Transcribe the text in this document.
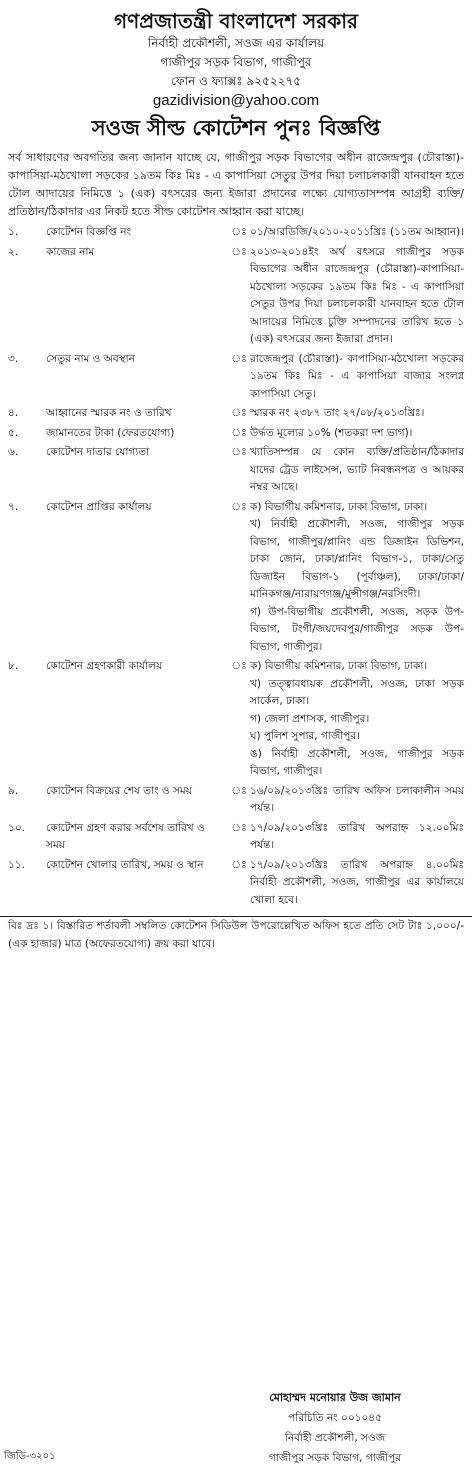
গণপ্রজাতন্ত্রী বাংলাদেশ সরকার
নির্বাহী প্রকৌশলী, সওজ এর কার্যালয়
গাজীপুর সড়ক বিভাগ, গাজীপুর
ফোন ও ফ্যাক্সঃ ৯২৫২২৭৫
gazidivision@yahoo.com
সওজ সীল্ড কোটেশন পুনঃ বিজ্ঞপ্তি
সর্ব সাধারণের অবগতির জন্য জানান যাচ্ছে যে, গাজীপুর সড়ক বিভাগের অধীন রাজেন্দ্রপুর (চৌরাস্তা)-কাপাসিয়া-মঠখোলা সড়কের ১৯তম কিঃ মিঃ - এ কাপাসিয়া সেতুর উপর দিয়া চলাচলকারী যানবাহন হতে টোল আদায়ের নিমিত্তে ১ (এক) বৎসরের জন্য ইজারা প্রদানের লক্ষ্যে যোগ্যতাসম্পন্ন আগ্রহী ব্যক্তি/প্রতিষ্ঠান/ঠিকাদার এর নিকট হতে সীল্ড কোটেশন আহ্বান করা যাচ্ছে।
১.	কোটেশন বিজ্ঞপ্তি নং	ঃ	০১/আরডিজি/২০১০-২০১১খ্রিঃ (১১তম আহ্বান)।

২.	কাজের নাম	ঃ	২০১৩-২০১৪ইং অর্থ বৎসরে গাজীপুর সড়ক বিভাগের অধীন রাজেন্দ্রপুর (চৌরাস্তা)-কাপাসিয়া-মঠখোলা সড়কের ১৯তম কিঃ মিঃ - এ কাপাসিয়া সেতুর উপর দিয়া চলাচলকারী যানবাহন হতে টোল আদায়ের নিমিত্তে চুক্তি সম্পাদনের তারিখ হতে ১ (এক) বৎসরের জন্য ইজারা প্রদান।

৩.	সেতুর নাম ও অবস্থান	ঃ	রাজেন্দ্রপুর (চৌরাস্তা)- কাপাসিয়া-মঠখোলা সড়কের ১৯তম কিঃ মিঃ - এ কাপাসিয়া বাজার সংলগ্ন কাপাসিয়া সেতু।

৪.	আহ্বানের স্মারক নং ও তারিখ	ঃ	স্মারক নং ২৩৮৭ তাং ২৭/০৮/২০১৩খ্রিঃ।

৫.	জামানতের টাকা (ফেরতযোগ্য)	ঃ	উর্দ্ধত মূল্যের ১০% (শতকরা দশ ভাগ)।

৬.	কোটেশন দাতার যোগ্যতা	ঃ	খ্যাতিসম্পন্ন যে কোন ব্যক্তি/প্রতিষ্ঠান/ঠিকাদার যাদের ট্রেড লাইসেন্স, ভ্যাট নিবন্ধনপত্র ও আয়কর নম্বর আছে।

৭.	কোটেশন প্রাপ্তির কার্যালয়	ঃ	ক) বিভাগীয় কমিশনার, ঢাকা বিভাগ, ঢাকা।
খ) নির্বাহী প্রকৌশলী, সওজ, গাজীপুর সড়ক বিভাগ, গাজীপুর/প্লানিং এন্ড ডিজাইন ডিভিশন, ঢাকা জোন, ঢাকা/প্লানিং বিভাগ-১, ঢাকা/সেতু ডিজাইন বিভাগ-১ (পূর্বাঞ্চল), ঢাকা/ঢাকা/মানিকগঞ্জ/নারায়ণগঞ্জ/মুন্সীগঞ্জ/নরসিংদী।
গ) উপ-বিভাগীয় প্রকৌশলী, সওজ, সড়ক উপ-বিভাগ, টংগী/জয়দেবপুর/গাজীপুর সড়ক উপ-বিভাগ, গাজীপুর।

৮.	কোটেশন গ্রহণকারী কার্যালয়	ঃ	ক) বিভাগীয় কমিশনার, ঢাকা বিভাগ, ঢাকা।
খ) তত্ত্বাবধায়ক প্রকৌশলী, সওজ, ঢাকা সড়ক সার্কেল, ঢাকা।
গ) জেলা প্রশাসক, গাজীপুর।
ঘ) পুলিশ সুপার, গাজীপুর।
ঙ) নির্বাহী প্রকৌশলী, সওজ, গাজীপুর সড়ক বিভাগ, গাজীপুর।

৯.	কোটেশন বিক্রয়ের শেষ তাং ও সময়	ঃ	১৬/০৯/২০১৩খ্রিঃ তারিখ অফিস চলাকালীন সময় পর্যন্ত।

১০.	কোটেশন গ্রহণ করার সর্বশেষ তারিখ ও সময়	ঃ	১৭/০৯/২০১৩খ্রিঃ তারিখ অপরাহ্ন ১২.০০মিঃ পর্যন্ত।

১১.	কোটেশন খোলার তারিখ, সময় ও স্থান	ঃ	১৭/০৯/২০১৩খ্রিঃ তারিখ অপরাহ্ন ৪.০০মিঃ নির্বাহী প্রকৌশলী, সওজ, গাজীপুর এর কার্যালয়ে খোলা হবে।
বিঃ দ্রঃ ১। বিস্তারিত শর্তাবলী সম্বলিত কোটেশন সিডিউল উপরোল্লেখিত অফিস হতে প্রতি সেট টাঃ ১,০০০/- (এক হাজার) মাত্র (অফেরতযোগ্য) ক্রয় করা যাবে।
মোহাম্মদ মনোয়ার উজ জামান
পরিচিতি নং ০০১০৪৫
নির্বাহী প্রকৌশলী, সওজ
গাজীপুর সড়ক বিভাগ, গাজীপুর
জিডি-৩২০১
